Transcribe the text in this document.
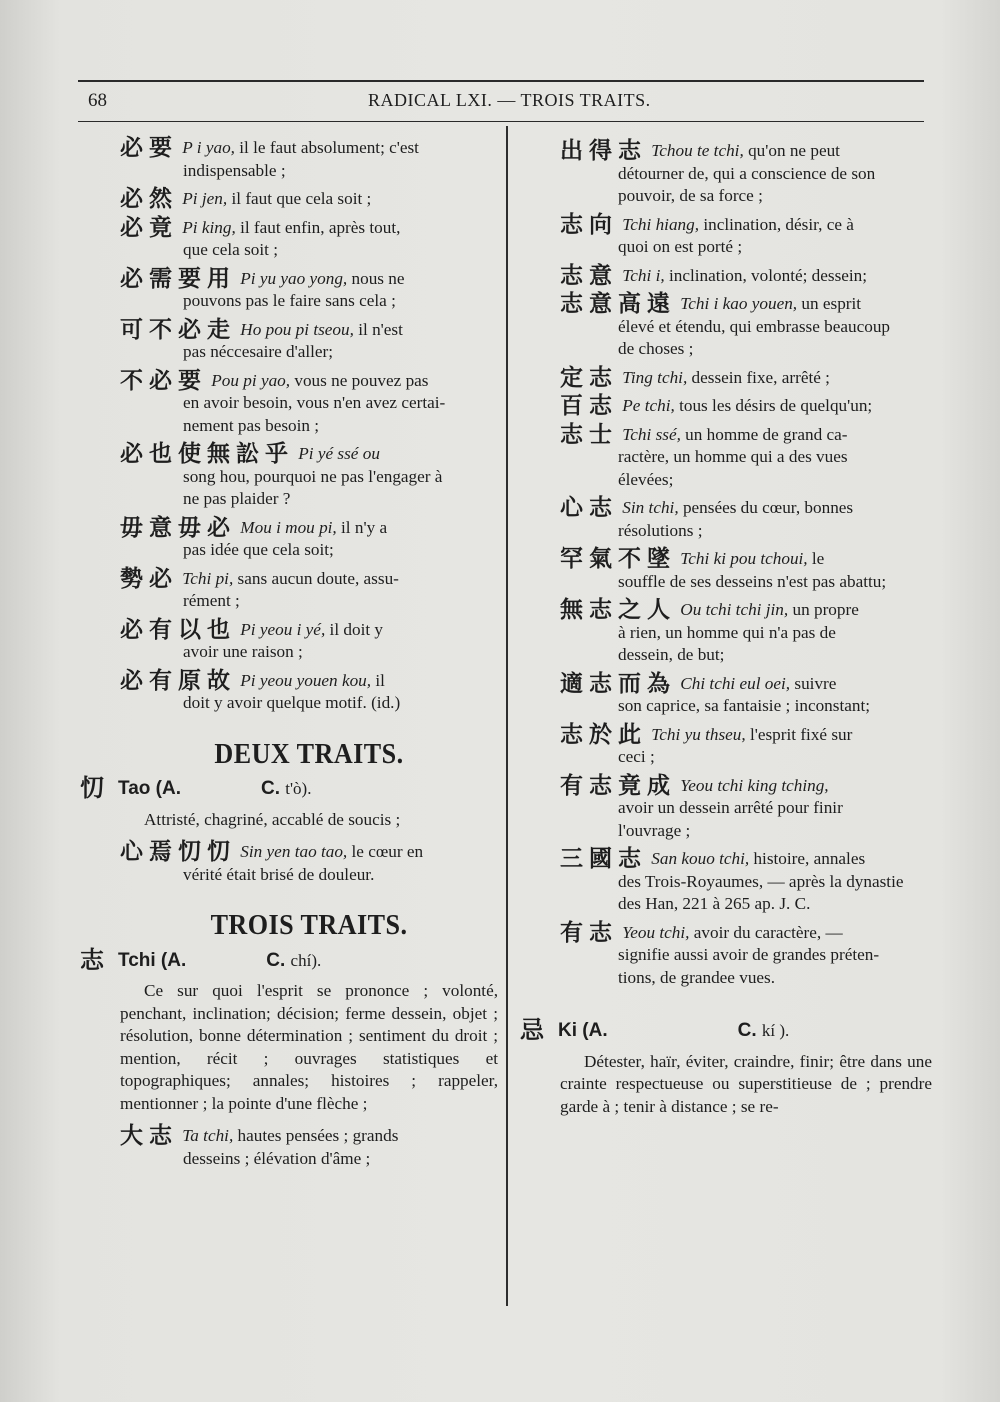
68	RADICAL LXI. — TROIS TRAITS.
必要 P i yao, il le faut absolument; c'est
indispensable ;
必然 Pi jen, il faut que cela soit ;
必竟 Pi king, il faut enfin, après tout,
que cela soit ;
必需要用 Pi yu yao yong, nous ne
pouvons pas le faire sans cela ;
可不必走 Ho pou pi tseou, il n'est
pas néccesaire d'aller;
不必要 Pou pi yao, vous ne pouvez pas
en avoir besoin, vous n'en avez certai-
nement pas besoin ;
必也使無訟乎 Pi yé ssé ou
song hou, pourquoi ne pas l'engager à
ne pas plaider ?
毋意毋必 Mou i mou pi, il n'y a
pas idée que cela soit;
勢必 Tchi pi, sans aucun doute, assu-
rément ;
必有以也 Pi yeou i yé, il doit y
avoir une raison ;
必有原故 Pi yeou youen kou, il
doit y avoir quelque motif. (id.)
DEUX TRAITS.
忉 Tao (A.	C. t'ò).
Attristé, chagriné, accablé de soucis ;
心焉忉忉 Sin yen tao tao, le cœur en
vérité était brisé de douleur.
TROIS TRAITS.
志 Tchi (A.	C. chí).
Ce sur quoi l'esprit se prononce ; volonté, penchant, inclination; décision; ferme dessein, objet ; résolution, bonne détermination ; sentiment du droit ; mention, récit ; ouvrages statistiques et topographiques; annales; histoires ; rappeler, mentionner ; la pointe d'une flèche ;
大志 Ta tchi, hautes pensées ; grands
desseins ; élévation d'âme ;
出得志 Tchou te tchi, qu'on ne peut
détourner de, qui a conscience de son
pouvoir, de sa force ;
志向 Tchi hiang, inclination, désir, ce à
quoi on est porté ;
志意 Tchi i, inclination, volonté; dessein;
志意高遠 Tchi i kao youen, un esprit
élevé et étendu, qui embrasse beaucoup
de choses ;
定志 Ting tchi, dessein fixe, arrêté ;
百志 Pe tchi, tous les désirs de quelqu'un;
志士 Tchi ssé, un homme de grand ca-
ractère, un homme qui a des vues
élevées;
心志 Sin tchi, pensées du cœur, bonnes
résolutions ;
罕氣不墜 Tchi ki pou tchoui, le
souffle de ses desseins n'est pas abattu;
無志之人 Ou tchi tchi jin, un propre
à rien, un homme qui n'a pas de
dessein, de but;
適志而為 Chi tchi eul oei, suivre
son caprice, sa fantaisie ; inconstant;
志於此 Tchi yu thseu, l'esprit fixé sur
ceci ;
有志竟成 Yeou tchi king tching,
avoir un dessein arrêté pour finir
l'ouvrage ;
三國志 San kouo tchi, histoire, annales
des Trois-Royaumes, — après la dynastie
des Han, 221 à 265 ap. J. C.
有志 Yeou tchi, avoir du caractère, —
signifie aussi avoir de grandes préten-
tions, de grandee vues.
忌 Ki (A.	C. kí ).
Détester, haïr, éviter, craindre, finir; être dans une crainte respectueuse ou superstitieuse de ; prendre garde à ; tenir à distance ; se re-
